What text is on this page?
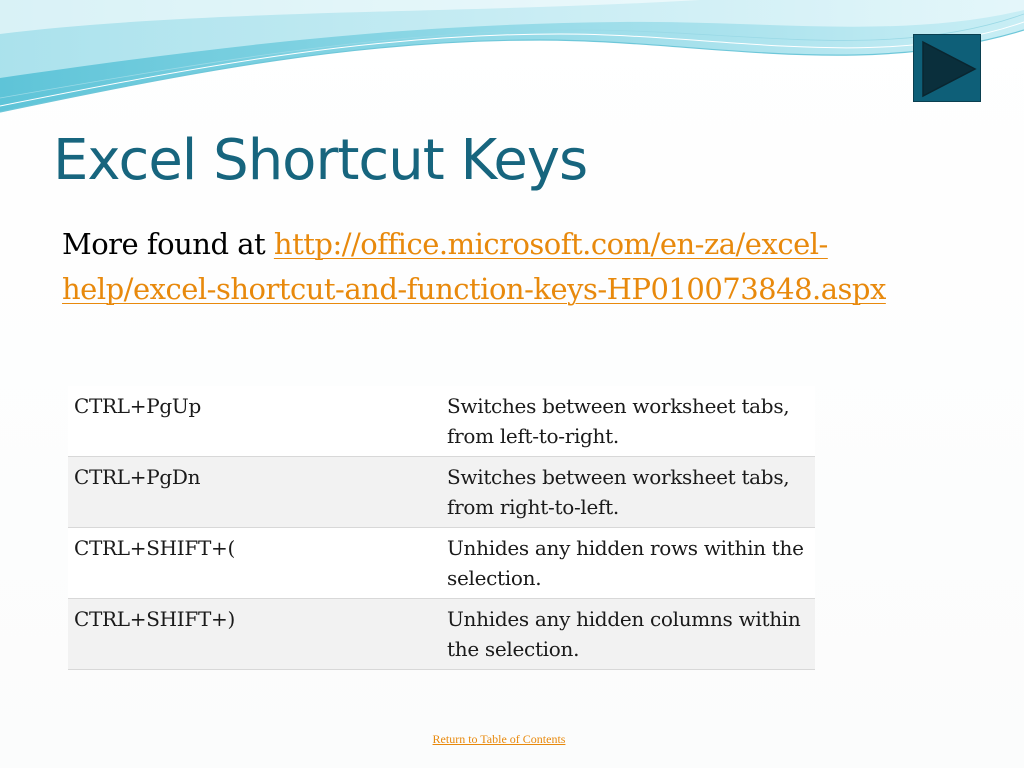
Excel Shortcut Keys
More found at http://office.microsoft.com/en-za/excel-help/excel-shortcut-and-function-keys-HP010073848.aspx
CTRL+PgUp	Switches between worksheet tabs, from left-to-right.
CTRL+PgDn	Switches between worksheet tabs, from right-to-left.
CTRL+SHIFT+(	Unhides any hidden rows within the selection.
CTRL+SHIFT+)	Unhides any hidden columns within the selection.
Return to Table of Contents
